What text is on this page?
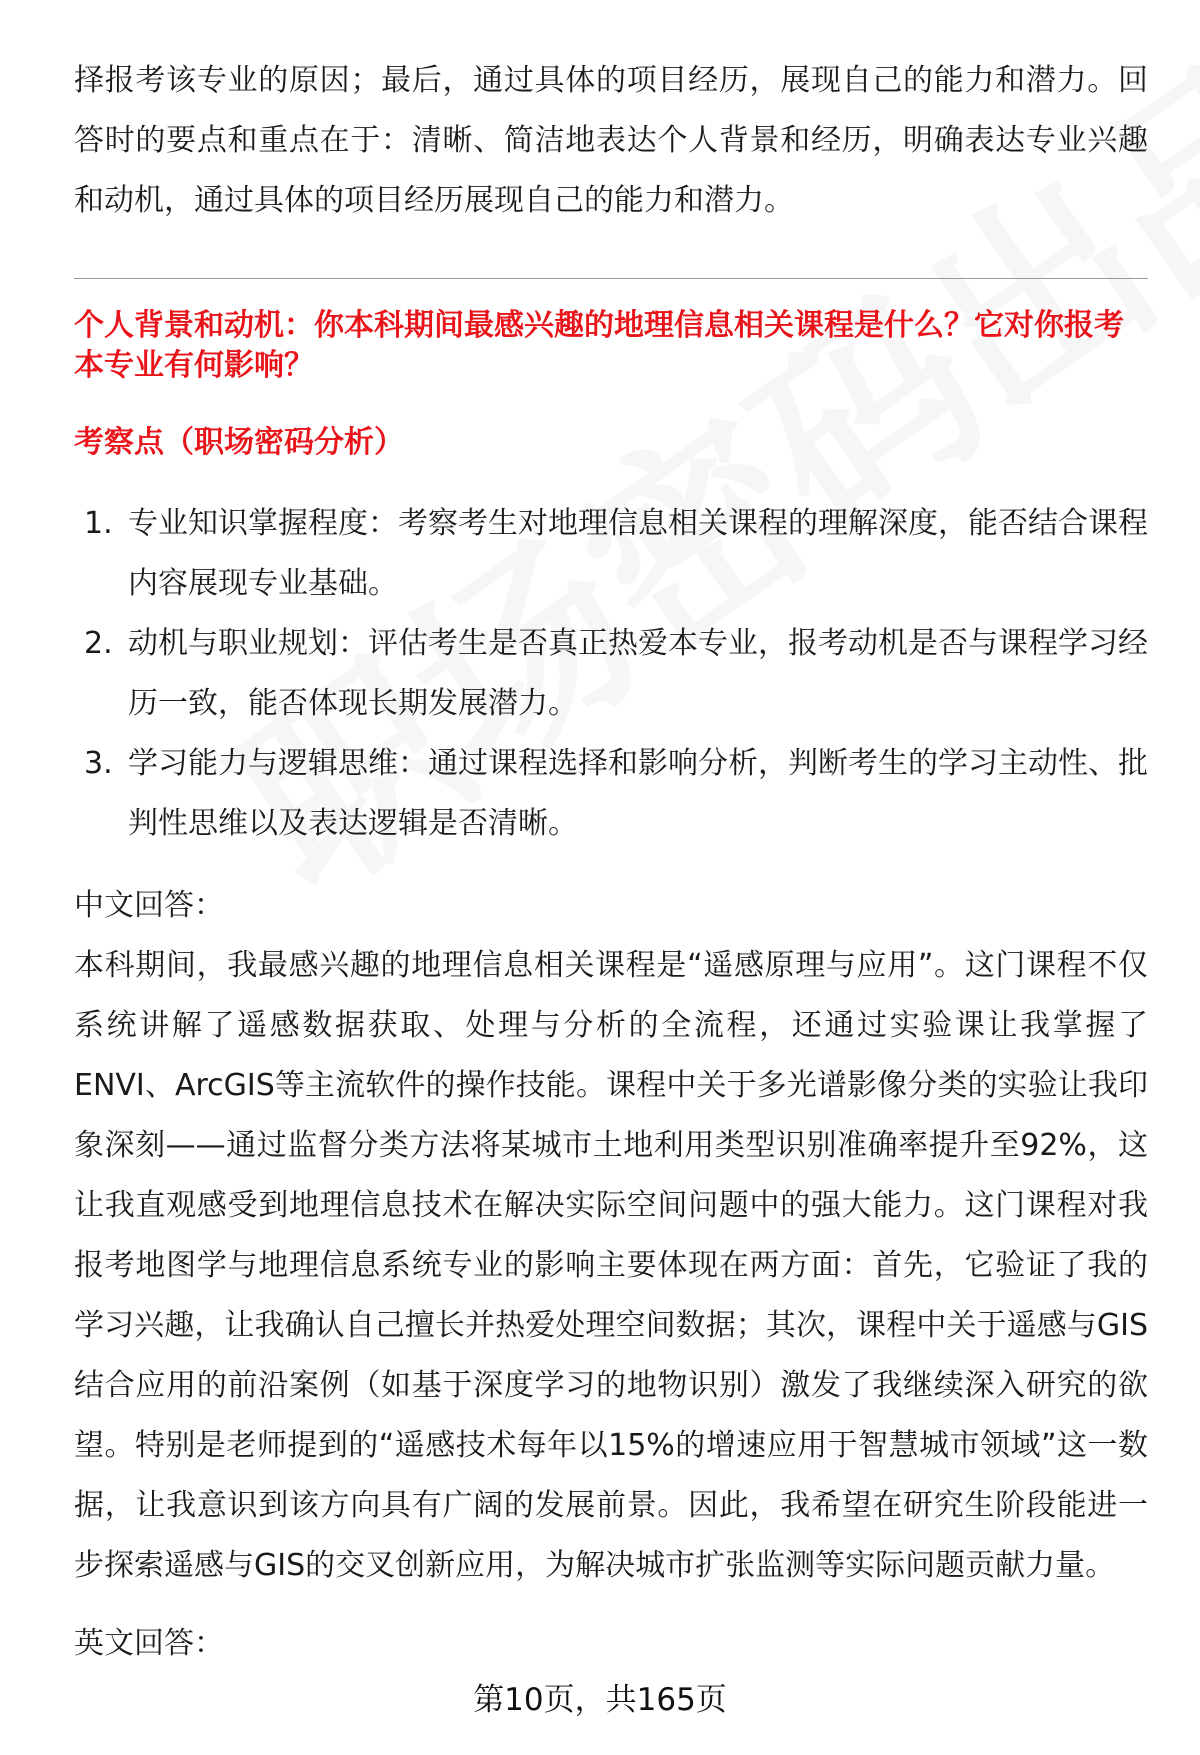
择报考该专业的原因；最后，通过具体的项目经历，展现自己的能力和潜力。回答时的要点和重点在于：清晰、简洁地表达个人背景和经历，明确表达专业兴趣和动机，通过具体的项目经历展现自己的能力和潜力。

个人背景和动机：你本科期间最感兴趣的地理信息相关课程是什么？它对你报考本专业有何影响？

考察点（职场密码分析）

1. 专业知识掌握程度：考察考生对地理信息相关课程的理解深度，能否结合课程内容展现专业基础。
2. 动机与职业规划：评估考生是否真正热爱本专业，报考动机是否与课程学习经历一致，能否体现长期发展潜力。
3. 学习能力与逻辑思维：通过课程选择和影响分析，判断考生的学习主动性、批判性思维以及表达逻辑是否清晰。

中文回答：

本科期间，我最感兴趣的地理信息相关课程是“遥感原理与应用”。这门课程不仅系统讲解了遥感数据获取、处理与分析的全流程，还通过实验课让我掌握了ENVI、ArcGIS等主流软件的操作技能。课程中关于多光谱影像分类的实验让我印象深刻——通过监督分类方法将某城市土地利用类型识别准确率提升至92%，这让我直观感受到地理信息技术在解决实际空间问题中的强大能力。这门课程对我报考地图学与地理信息系统专业的影响主要体现在两方面：首先，它验证了我的学习兴趣，让我确认自己擅长并热爱处理空间数据；其次，课程中关于遥感与GIS结合应用的前沿案例（如基于深度学习的地物识别）激发了我继续深入研究的欲望。特别是老师提到的“遥感技术每年以15%的增速应用于智慧城市领域”这一数据，让我意识到该方向具有广阔的发展前景。因此，我希望在研究生阶段能进一步探索遥感与GIS的交叉创新应用，为解决城市扩张监测等实际问题贡献力量。

英文回答：

第10页，共165页
